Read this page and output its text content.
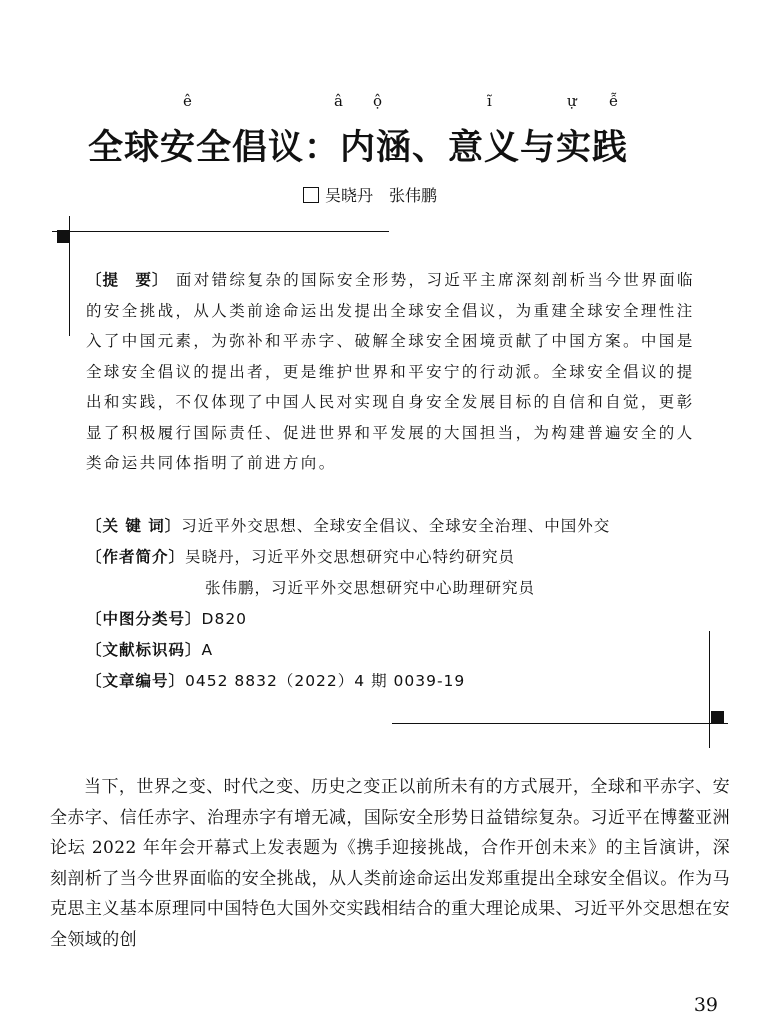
ê	â ộ	ĩ	ự ễ
全球安全倡议：内涵、意义与实践
吴晓丹　张伟鹏

〔提　要〕 面对错综复杂的国际安全形势，习近平主席深刻剖析当今世界面临的安全挑战，从人类前途命运出发提出全球安全倡议，为重建全球安全理性注入了中国元素，为弥补和平赤字、破解全球安全困境贡献了中国方案。中国是全球安全倡议的提出者，更是维护世界和平安宁的行动派。全球安全倡议的提出和实践，不仅体现了中国人民对实现自身安全发展目标的自信和自觉，更彰显了积极履行国际责任、促进世界和平发展的大国担当，为构建普遍安全的人类命运共同体指明了前进方向。

〔关 键 词〕习近平外交思想、全球安全倡议、全球安全治理、中国外交
〔作者简介〕吴晓丹，习近平外交思想研究中心特约研究员
张伟鹏，习近平外交思想研究中心助理研究员
〔中图分类号〕D820
〔文献标识码〕A
〔文章编号〕0452 8832（2022）4 期 0039-19

当下，世界之变、时代之变、历史之变正以前所未有的方式展开，全球和平赤字、安全赤字、信任赤字、治理赤字有增无减，国际安全形势日益错综复杂。习近平在博鳌亚洲论坛 2022 年年会开幕式上发表题为《携手迎接挑战，合作开创未来》的主旨演讲，深刻剖析了当今世界面临的安全挑战，从人类前途命运出发郑重提出全球安全倡议。作为马克思主义基本原理同中国特色大国外交实践相结合的重大理论成果、习近平外交思想在安全领域的创

39
